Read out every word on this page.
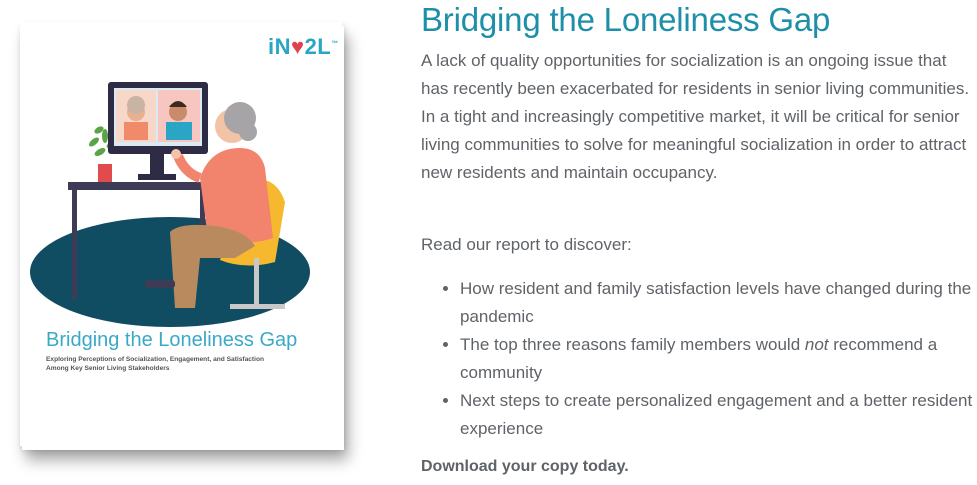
iN♥2L™
Bridging the Loneliness Gap
Exploring Perceptions of Socialization, Engagement, and Satisfaction
Among Key Senior Living Stakeholders
Bridging the Loneliness Gap

A lack of quality opportunities for socialization is an ongoing issue that has recently been exacerbated for residents in senior living communities. In a tight and increasingly competitive market, it will be critical for senior living communities to solve for meaningful socialization in order to attract new residents and maintain occupancy.

Read our report to discover:

• How resident and family satisfaction levels have changed during the pandemic
• The top three reasons family members would not recommend a community
• Next steps to create personalized engagement and a better resident experience

Download your copy today.
